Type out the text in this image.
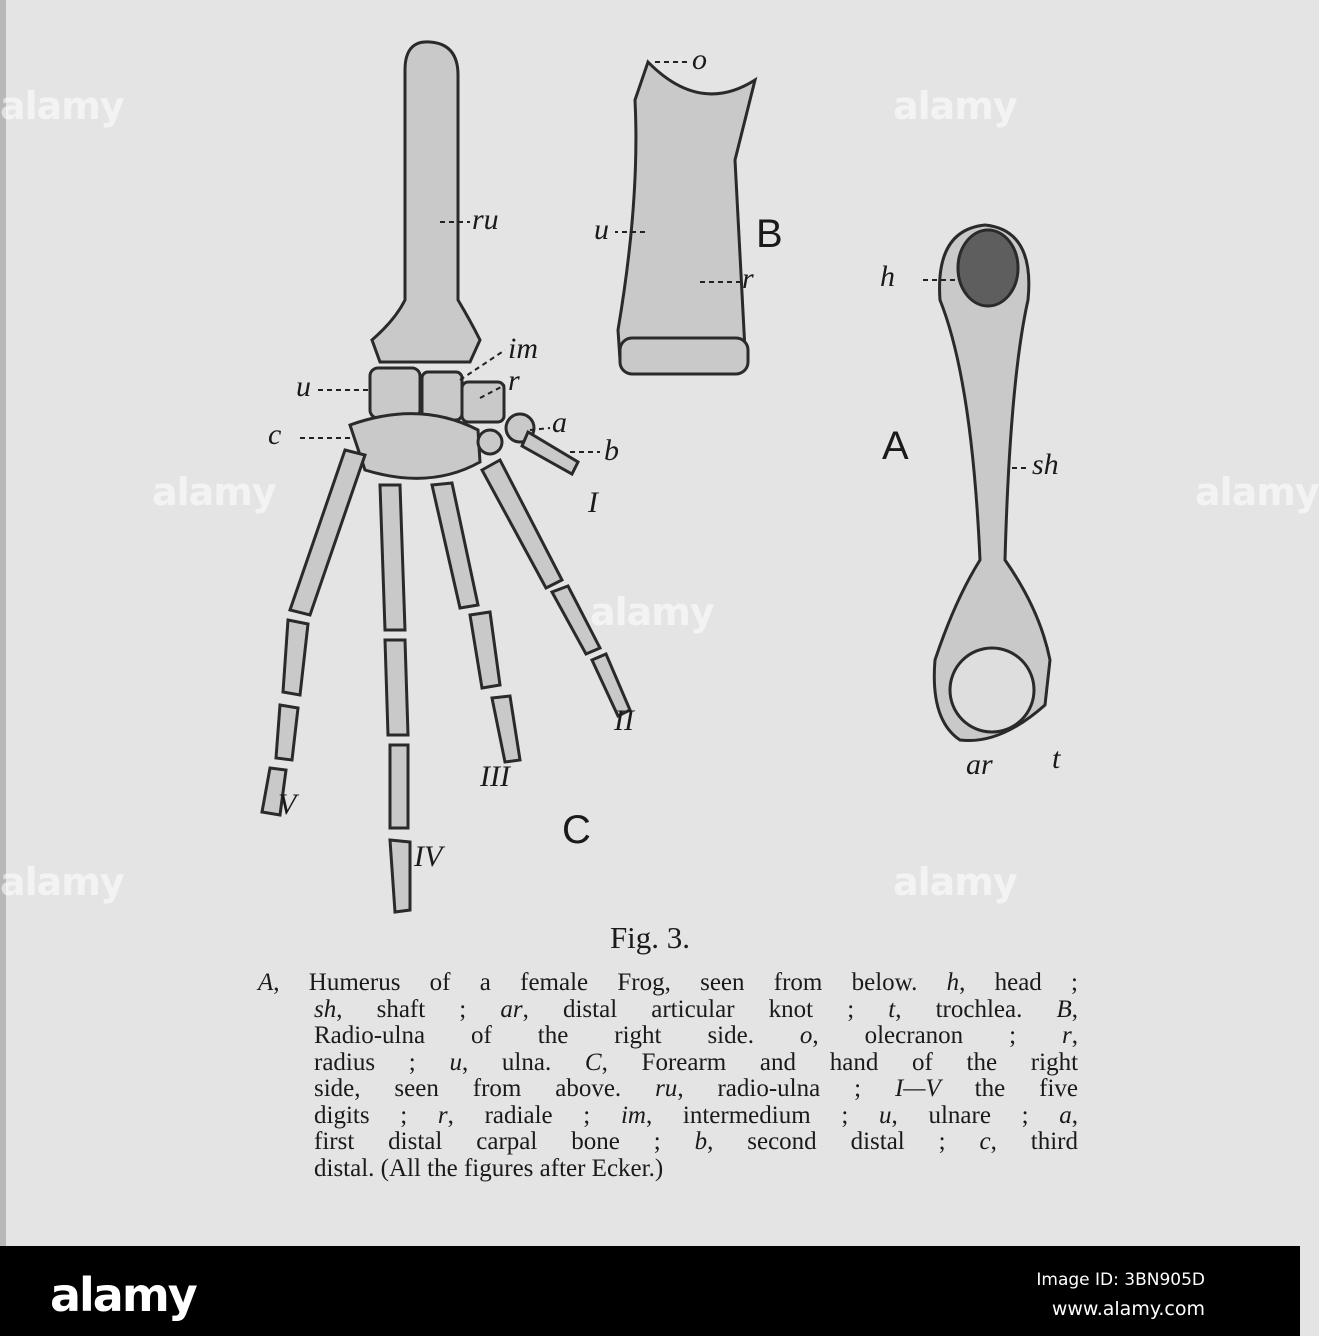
ru
im
u	r
a
c	b
I
II
III
IV
V
o
u
r	h
sh
ar t
B
A
C
alamy	alamy
alamy	alamy
alamy
alamy	alamy
Fig. 3.
A, Humerus of a female Frog, seen from below. h, head ;
sh, shaft ; ar, distal articular knot ; t, trochlea. B,
Radio-ulna of the right side. o, olecranon ; r,
radius ; u, ulna. C, Forearm and hand of the right
side, seen from above. ru, radio-ulna ; I—V the five
digits ; r, radiale ; im, intermedium ; u, ulnare ; a,
first distal carpal bone ; b, second distal ; c, third
distal. (All the figures after Ecker.)
alamy	Image ID: 3BN905D
www.alamy.com
